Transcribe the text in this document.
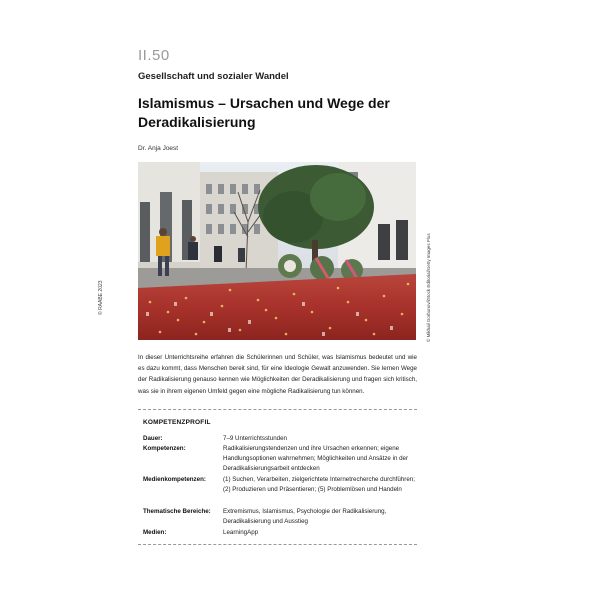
II.50
Gesellschaft und sozialer Wandel
Islamismus – Ursachen und Wege der Deradikalisierung
Dr. Anja Joest
© RAABE 2023	© Mikhail Gorbunov/iStock Editorial/Getty Images Plus
In dieser Unterrichtsreihe erfahren die Schülerinnen und Schüler, was Islamismus bedeutet und wie es dazu kommt, dass Menschen bereit sind, für eine Ideologie Gewalt anzuwenden. Sie lernen Wege der Radikalisierung genauso kennen wie Möglichkeiten der Deradikalisierung und fragen sich kritisch, was sie in ihrem eigenen Umfeld gegen eine mögliche Radikalisierung tun können.
KOMPETENZPROFIL
Dauer:	7–9 Unterrichtsstunden
Kompetenzen:	Radikalisierungstendenzen und ihre Ursachen erkennen; eigene Handlungsoptionen wahrnehmen; Möglichkeiten und Ansätze in der Deradikalisierungsarbeit entdecken
Medienkompetenzen:	(1) Suchen, Verarbeiten, zielgerichtete Internetrecherche durchführen; (2) Produzieren und Präsentieren; (5) Problemlösen und Handeln
Thematische Bereiche: Extremismus, Islamismus, Psychologie der Radikalisierung, Deradikalisierung und Ausstieg
Medien:	LearningApp
